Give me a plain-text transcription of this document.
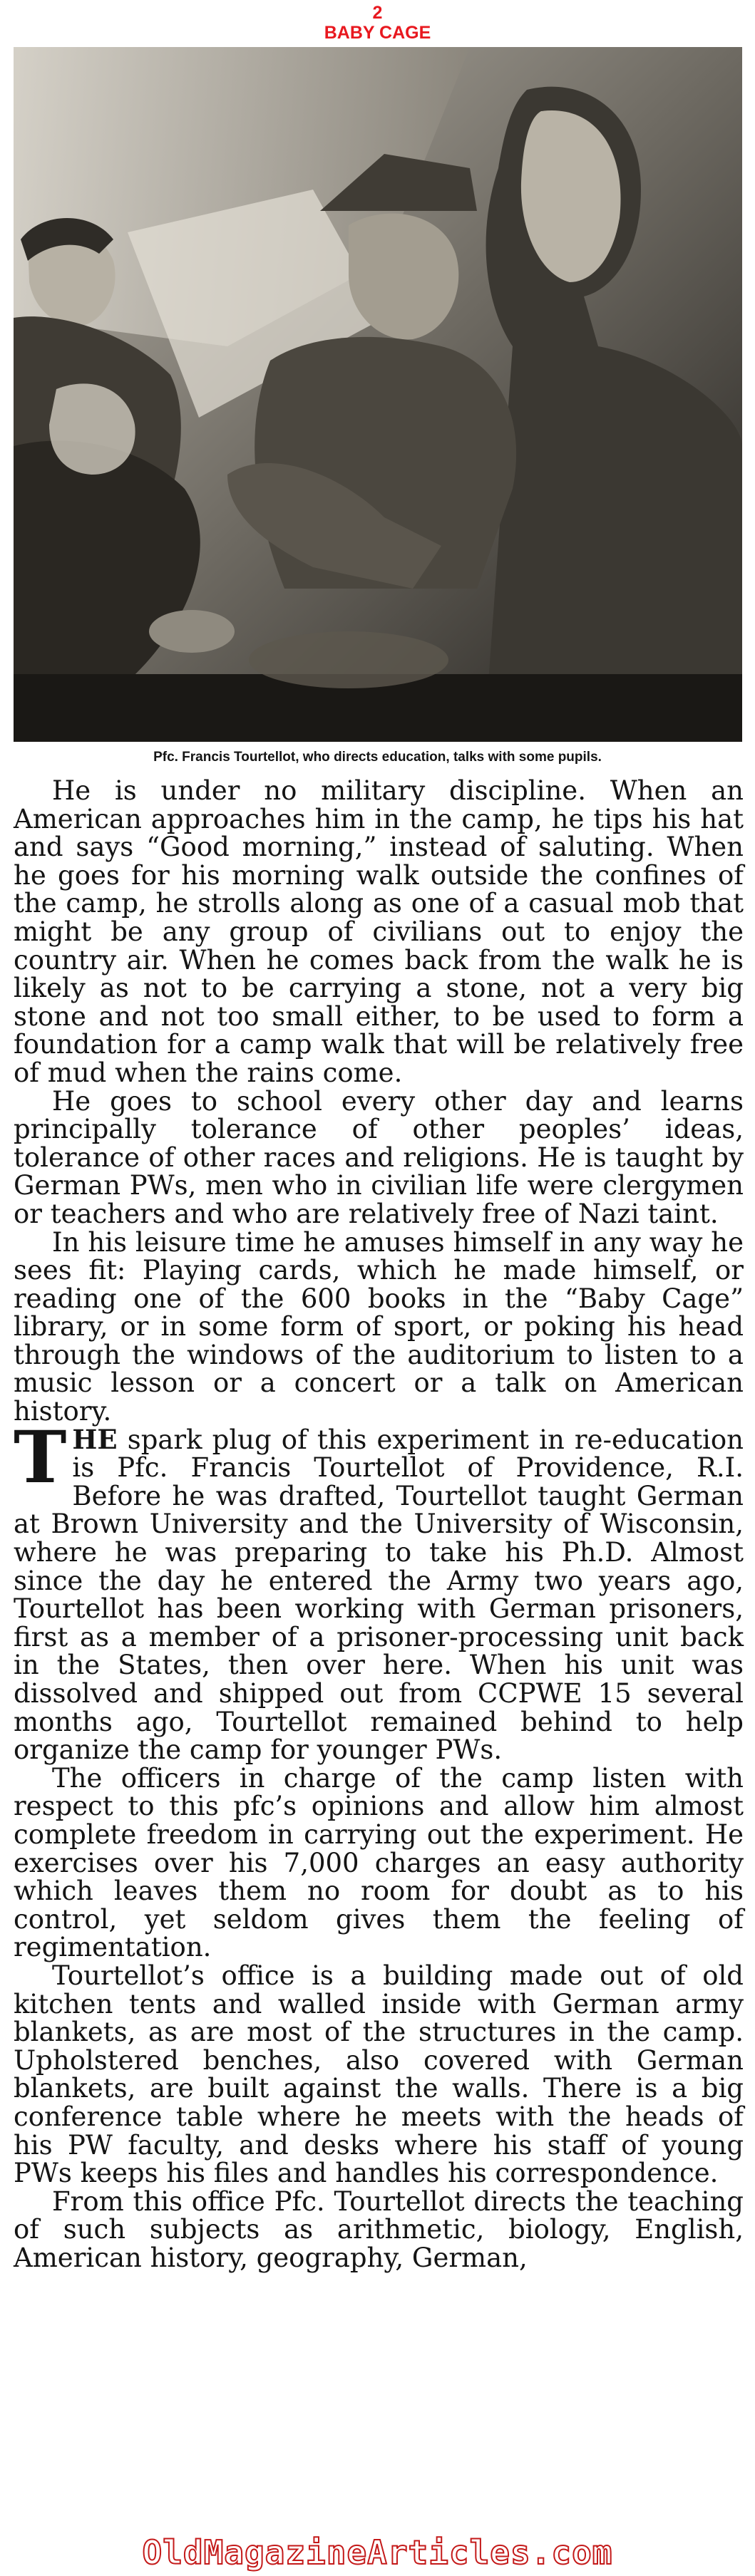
2
BABY CAGE
Pfc. Francis Tourtellot, who directs education, talks with some pupils.

He is under no military discipline. When an American approaches him in the camp, he tips his hat and says “Good morning,” instead of saluting. When he goes for his morning walk outside the confines of the camp, he strolls along as one of a casual mob that might be any group of civilians out to enjoy the country air. When he comes back from the walk he is likely as not to be carrying a stone, not a very big stone and not too small either, to be used to form a foundation for a camp walk that will be relatively free of mud when the rains come.

He goes to school every other day and learns principally tolerance of other peoples’ ideas, tolerance of other races and religions. He is taught by German PWs, men who in civilian life were clergymen or teachers and who are relatively free of Nazi taint.

In his leisure time he amuses himself in any way he sees fit: Playing cards, which he made himself, or reading one of the 600 books in the “Baby Cage” library, or in some form of sport, or poking his head through the windows of the auditorium to listen to a music lesson or a concert or a talk on American history.

THE spark plug of this experiment in re-education is Pfc. Francis Tourtellot of Providence, R.I. Before he was drafted, Tourtellot taught German at Brown University and the University of Wisconsin, where he was preparing to take his Ph.D. Almost since the day he entered the Army two years ago, Tourtellot has been working with German prisoners, first as a member of a prisoner-processing unit back in the States, then over here. When his unit was dissolved and shipped out from CCPWE 15 several months ago, Tourtellot remained behind to help organize the camp for younger PWs.

The officers in charge of the camp listen with respect to this pfc’s opinions and allow him almost complete freedom in carrying out the experiment. He exercises over his 7,000 charges an easy authority which leaves them no room for doubt as to his control, yet seldom gives them the feeling of regimentation.

Tourtellot’s office is a building made out of old kitchen tents and walled inside with German army blankets, as are most of the structures in the camp. Upholstered benches, also covered with German blankets, are built against the walls. There is a big conference table where he meets with the heads of his PW faculty, and desks where his staff of young PWs keeps his files and handles his correspondence.

From this office Pfc. Tourtellot directs the teaching of such subjects as arithmetic, biology, English, American history, geography, German,

OldMagazineArticles.com
